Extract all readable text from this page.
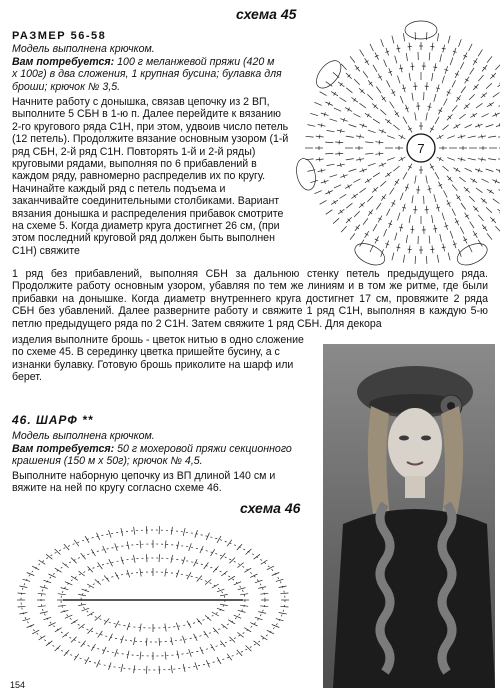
схема 45
7
РАЗМЕР 56-58
Модель выполнена крючком.
Вам потребуется: 100 г меланжевой пряжи (420 м х 100г) в два сложения, 1 крупная бусина; булавка для броши; крючок № 3,5.

Начните работу с донышка, связав цепочку из 2 ВП, выполните 5 СБН в 1-ю п. Далее перейдите к вязанию 2-го кругового ряда С1Н, при этом, удвоив число петель (12 петель). Продолжите вязание основным узором (1-й ряд СБН, 2-й ряд С1Н. Повторять 1-й и 2-й ряды) круговыми рядами, выполняя по 6 прибавлений в каждом ряду, равномерно распределив их по кругу. Начинайте каждый ряд с петель подъема и заканчивайте соединительными столбиками. Вариант вязания донышка и распределения прибавок смотрите на схеме 5. Когда диаметр круга достигнет 26 см, (при этом последний круговой ряд должен быть выполнен С1Н) свяжите

1 ряд без прибавлений, выполняя СБН за дальнюю стенку петель предыдущего ряда. Продолжите работу основным узором, убавляя по тем же линиям и в том же ритме, где были прибавки на донышке. Когда диаметр внутреннего круга достигнет 17 см, провяжите 2 ряда СБН без убавлений. Далее разверните работу и свяжите 1 ряд С1Н, выполняя в каждую 5-ю петлю предыдущего ряда по 2 С1Н. Затем свяжите 1 ряд СБН. Для декора

изделия выполните брошь - цветок нитью в одно сложение по схеме 45. В серединку цветка пришейте бусину, а с изнанки булавку. Готовую брошь приколите на шарф или берет.

46. ШАРФ **
Модель выполнена крючком.
Вам потребуется: 50 г мохеровой пряжи секционного крашения (150 м х 50г); крючок № 4,5.

Выполните наборную цепочку из ВП длиной 140 см и вяжите на ней по кругу согласно схеме 46.

схема 46
154
